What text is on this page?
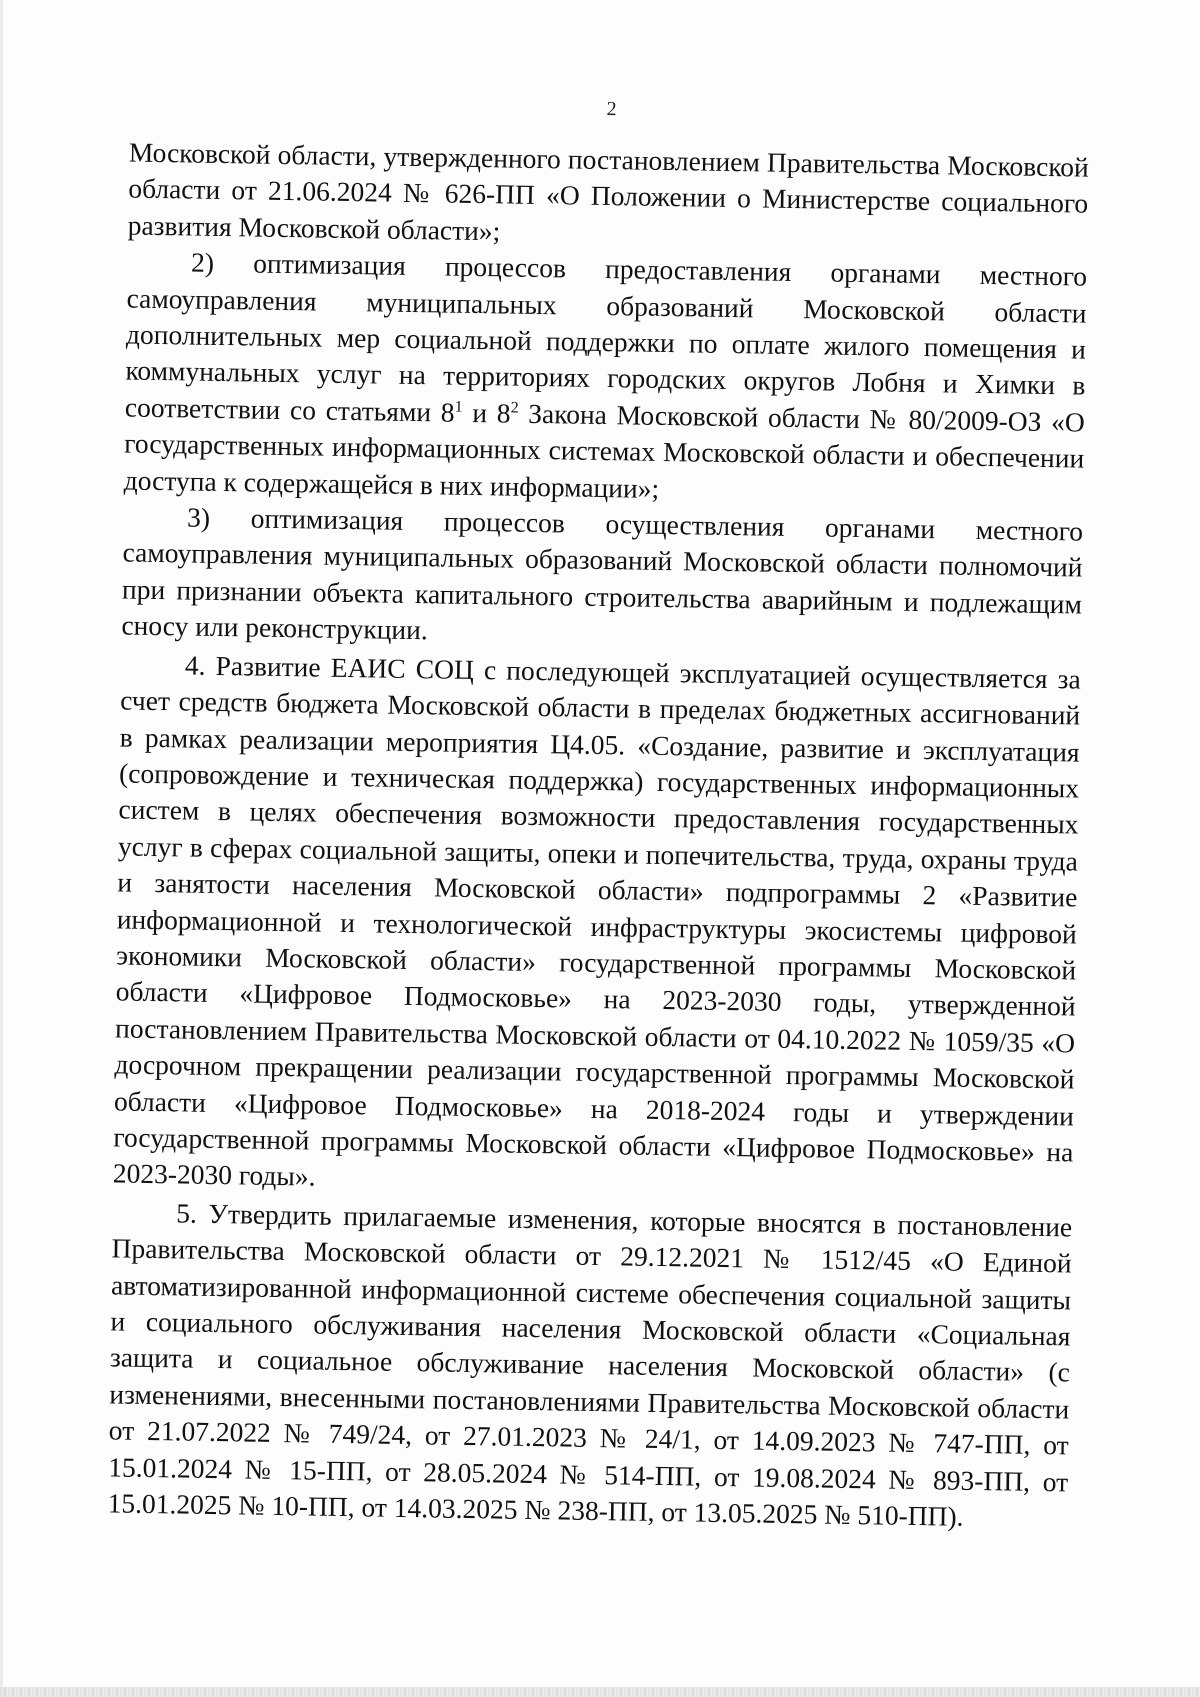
2

Московской области, утвержденного постановлением Правительства Московской области от 21.06.2024 № 626-ПП «О Положении о Министерстве социального развития Московской области»;

2) оптимизация процессов предоставления органами местного самоуправления муниципальных образований Московской области дополнительных мер социальной поддержки по оплате жилого помещения и коммунальных услуг на территориях городских округов Лобня и Химки в соответствии со статьями $8^1$ и $8^2$ Закона Московской области № 80/2009-ОЗ «О государственных информационных системах Московской области и обеспечении доступа к содержащейся в них информации»;

3) оптимизация процессов осуществления органами местного самоуправления муниципальных образований Московской области полномочий при признании объекта капитального строительства аварийным и подлежащим сносу или реконструкции.

4. Развитие ЕАИС СОЦ с последующей эксплуатацией осуществляется за счет средств бюджета Московской области в пределах бюджетных ассигнований в рамках реализации мероприятия Ц4.05. «Создание, развитие и эксплуатация (сопровождение и техническая поддержка) государственных информационных систем в целях обеспечения возможности предоставления государственных услуг в сферах социальной защиты, опеки и попечительства, труда, охраны труда и занятости населения Московской области» подпрограммы 2 «Развитие информационной и технологической инфраструктуры экосистемы цифровой экономики Московской области» государственной программы Московской области «Цифровое Подмосковье» на 2023-2030 годы, утвержденной постановлением Правительства Московской области от 04.10.2022 № 1059/35 «О досрочном прекращении реализации государственной программы Московской области «Цифровое Подмосковье» на 2018-2024 годы и утверждении государственной программы Московской области «Цифровое Подмосковье» на 2023-2030 годы».

5. Утвердить прилагаемые изменения, которые вносятся в постановление Правительства Московской области от 29.12.2021 № 1512/45 «О Единой автоматизированной информационной системе обеспечения социальной защиты и социального обслуживания населения Московской области «Социальная защита и социальное обслуживание населения Московской области» (с изменениями, внесенными постановлениями Правительства Московской области от 21.07.2022 № 749/24, от 27.01.2023 № 24/1, от 14.09.2023 № 747-ПП, от 15.01.2024 № 15-ПП, от 28.05.2024 № 514-ПП, от 19.08.2024 № 893-ПП, от 15.01.2025 № 10-ПП, от 14.03.2025 № 238-ПП, от 13.05.2025 № 510-ПП).
